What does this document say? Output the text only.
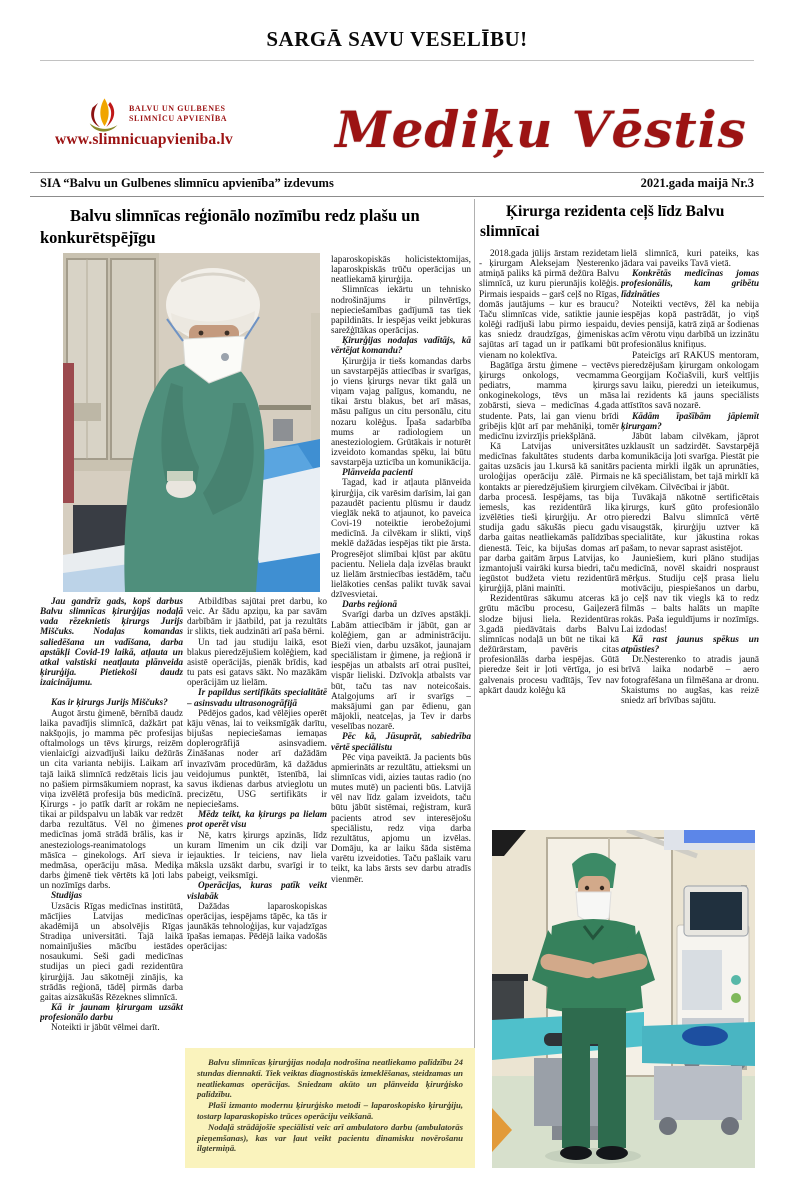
SARGĀ SAVU VESELĪBU!
BALVU UN GULBENES
SLIMNĪCU APVIENĪBA
www.slimnicuapvieniba.lv	Mediķu Vēstis
SIA “Balvu un Gulbenes slimnīcu apvienība” izdevums	2021.gada maijā Nr.3
Balvu slimnīcas reģionālo nozīmību redz plašu un konkurētspējīgu

Jau gandrīz gads, kopš darbus Balvu slimnīcas ķirurģijas nodaļā vada rēzeknietis ķirurgs Jurijs Miščuks. Nodaļas komandas saliedēšana un vadīšana, darba apstākļi Covid-19 laikā, atļauta un atkal valstiski neatļauta plānveida ķirurģija. Pietiekoši daudz izaicinājumu.

Kas ir ķirurgs Jurijs Miščuks?

Augot ārstu ģimenē, bērnībā daudz laika pavadījis slimnīcā, dažkārt pat nakšņojis, jo mamma pēc profesijas oftalmologs un tēvs ķirurgs, reizēm vienlaicīgi aizvadījuši laiku dežūrās un cita varianta nebijis. Laikam arī tajā laikā slimnīcā redzētais licis jau no pašiem pirmsākumiem noprast, ka viņa izvēlētā profesija būs medicīnā. Ķirurgs - jo patīk darīt ar rokām ne tikai ar pildspalvu un labāk var redzēt darba rezultātus. Vēl no ģimenes medicīnas jomā strādā brālis, kas ir anesteziologs-reanimatologs un māsīca – ginekologs. Arī sieva ir medmāsa, operāciju māsa. Mediķa darbs ģimenē tiek vērtēts kā ļoti labs un nozīmīgs darbs.

Studijas

Uzsācis Rīgas medicīnas institūtā, mācījies Latvijas medicīnas akadēmijā un absolvējis Rīgas Stradiņa universitāti. Tajā laikā nomainījušies mācību iestādes nosaukumi. Seši gadi medicīnas studijas un pieci gadi rezidentūra ķirurģijā. Jau sākotnēji zinājis, ka strādās reģionā, tādēļ pirmās darba gaitas aizsākušās Rēzeknes slimnīcā.

Kā ir jaunam ķirurgam uzsākt profesionālo darbu

Noteikti ir jābūt vēlmei darīt.

Atbildības sajūtai pret darbu, ko veic. Ar šādu apziņu, ka par savām darbībām ir jāatbild, pat ja rezultāts ir slikts, tiek audzināti arī paša bērni.

Un tad jau studiju laikā, esot blakus pieredzējušiem kolēģiem, kad asistē operācijās, pienāk brīdis, kad tu pats esi gatavs sākt. No mazākām operācijām uz lielām.

Ir papildus sertifikāts specialitātē – asinsvadu ultrasonogrāfijā

Pēdējos gados, kad vēlējies operēt kāju vēnas, lai to veiksmīgāk darītu, bijušas nepieciešamas iemaņas doplerogrāfijā asinsvadiem. Zināšanas noder arī dažādām invazīvām procedūrām, kā dažādus veidojumus punktēt, īstenībā, lai savus ikdienas darbus atvieglotu un precizētu, USG sertifikāts ir nepieciešams.

Mēdz teikt, ka ķirurgs pa lielam prot operēt visu

Nē, katrs ķirurgs apzinās, līdz kuram līmenim un cik dziļi var iejaukties. Ir teiciens, nav liela māksla uzsākt darbu, svarīgi ir to pabeigt, veiksmīgi.

Operācijas, kuras patīk veikt vislabāk

Dažādas laparoskopiskas operācijas, iespējams tāpēc, ka tās ir jaunākās tehnoloģijas, kur vajadzīgas īpašas iemaņas. Pēdējā laika vadošās operācijas:

laparoskopiskās holicistektomijas, laparoskpiskās trūču operācijas un neatliekamā ķirurģija.

Slimnīcas iekārtu un tehnisko nodrošinājums ir pilnvērtīgs, nepieciešamības gadījumā tas tiek papildināts. Ir iespējas veikt jebkuras sarežģītākas operācijas.

Ķirurģijas nodaļas vadītājs, kā vērtējat komandu?

Ķirurģija ir tiešs komandas darbs un savstarpējās attiecības ir svarīgas, jo viens ķirurgs nevar tikt galā un viņam vajag palīgus, komandu, ne tikai ārstu blakus, bet arī māsas, māsu palīgus un citu personālu, citu nozaru kolēģus. Īpaša sadarbība mums ar radiologiem un anesteziologiem. Grūtākais ir noturēt izveidoto komandas spēku, lai būtu savstarpēja uzticība un komunikācija.

Plānveida pacienti

Tagad, kad ir atļauta plānveida ķirurģija, cik varēsim darīsim, lai gan pazaudēt pacientu plūsmu ir daudz vieglāk nekā to atjaunot, ko paveica Covi-19 noteiktie ierobežojumi medicīnā. Ja cilvēkam ir slikti, viņš meklē dažādas iespējas tikt pie ārsta. Progresējot slimībai kļūst par akūtu pacientu. Neliela daļa izvēlas braukt uz lielām ārstniecības iestādēm, taču lielākoties cenšas palikt tuvāk savai dzīvesvietai.

Darbs reģionā

Svarīgi darba un dzīves apstākļi. Labām attiecībām ir jābūt, gan ar kolēģiem, gan ar administrāciju. Bieži vien, darbu uzsākot, jaunajam speciālistam ir ģimene, ja reģionā ir iespējas un atbalsts arī otrai pusītei, vispār lieliski. Dzīvokļa atbalsts var būt, taču tas nav noteicošais. Atalgojums arī ir svarīgs – maksājumi gan par ēdienu, gan mājokli, neatceļas, ja Tev ir darbs veselības nozarē.

Pēc kā, Jūsuprāt, sabiedrība vērtē speciālistu

Pēc viņa paveiktā. Ja pacients būs apmierināts ar rezultātu, attieksmi un slimnīcas vidi, aizies tautas radio (no mutes mutē) un pacienti būs. Latvijā vēl nav līdz galam izveidots, taču būtu jābūt sistēmai, reģistram, kurā pacients atrod sev interesējošu speciālistu, redz viņa darba rezultātus, apjomu un izvēlas. Domāju, ka ar laiku šāda sistēma varētu izveidoties. Taču pašlaik varu teikt, ka labs ārsts sev darbu atradīs vienmēr.

Balvu slimnīcas ķirurģijas nodaļa nodrošina neatliekamo palīdzību 24 stundas diennaktī. Tiek veiktas diagnostiskās izmeklēšanas, steidzamas un neatliekamas operācijas. Sniedzam akūto un plānveida ķirurģisko palīdzību.

Plaši izmanto modernu ķirurģisko metodi – laparoskopisko ķirurģiju, tostarp laparaskopisko trūces operāciju veikšanā.

Nodaļā strādājošie speciālisti veic arī ambulatoro darbu (ambulatorās pieņemšanas), kas var ļaut veikt pacientu dinamisku novērošanu ilgtermiņā.

Ķirurga rezidenta ceļš līdz Balvu slimnīcai

2018.gada jūlijs ārstam rezidetam - ķirurgam Aleksejam Ņesterenko atmiņā paliks kā pirmā dežūra Balvu slimnīcā, uz kuru pierunājis kolēģis. Pirmais iespaids – garš ceļš no Rīgas, domās jautājums – kur es braucu? Taču slimnīcas vide, satiktie jaunie kolēģi radījuši labu pirmo iespaidu, kas sniedz draudzīgas, ģimeniskas sajūtas arī tagad un ir patīkami būt vienam no kolektīva.

Bagātīga ārstu ģimene – vectēvs ķirurgs onkologs, vecmamma pediatrs, mamma ķirurgs onkoginekologs, tēvs un māsa zobārsti, sieva – medicīnas 4.gada studente. Pats, lai gan vienu brīdi gribējis kļūt arī par mehāniķi, tomēr medicīnu izvirzījis priekšplānā.

Kā Latvijas universitātes medicīnas fakultātes students darba gaitas uzsācis jau 1.kursā kā sanitārs uroloģijas operāciju zālē. Pirmais kontakts ar pieredzējušiem ķirurgiem darba procesā. Iespējams, tas bija iemesls, kas rezidentūrā lika izvēlēties tieši ķirurģiju. Ar otro studija gadu sākušās piecu gadu darba gaitas neatliekamās palīdzības dienestā. Teic, ka bijušas domas arī par darba gaitām ārpus Latvijas, ko izmantojuši vairāki kursa biedri, taču iegūstot budžeta vietu rezidentūrā ķirurģijā, plāni mainīti.

Rezidentūras sākumu atceras kā grūtu mācību procesu, Gaiļezerā slodze bijusi liela. Rezidentūras 3.gadā piedāvātais darbs Balvu slimnīcas nodaļā un būt ne tikai kā dežūrārstam, pavēris citas profesionālās darba iespējas. Gūtā pieredze šeit ir ļoti vērtīga, jo esi galvenais procesu vadītājs, Tev nav apkārt daudz kolēģu kā

lielā slimnīcā, kuri pateiks, kas jādara vai paveiks Tavā vietā.

Konkrētās medicīnas jomas profesionālis, kam gribētu līdzināties

Noteikti vectēvs, žēl ka nebija iespējas kopā pastrādāt, jo viņš devies pensijā, katrā ziņā ar šodienas acīm vērotu viņu darbībā un izzinātu profesionālus knifiņus.

Pateicīgs arī RAKUS mentoram, pieredzējušam ķirurgam onkologam Georgijam Kočiašvili, kurš veltījis savu laiku, pieredzi un ieteikumus, lai rezidents kā jauns speciālists attīstītos savā nozarē.

Kādām īpašībām jāpiemīt ķirurgam?

Jābūt labam cilvēkam, jāprot uzklausīt un sadzirdēt. Savstarpējā komunikācija ļoti svarīga. Piestāt pie pacienta mirkli ilgāk un aprunāties, ne kā speciālistam, bet tajā mirklī kā cilvēkam. Cilvēcībai ir jābūt.

Tuvākajā nākotnē sertificētais ķirurgs, kurš gūto profesionālo pieredzi Balvu slimnīcā vērtē visaugstāk, ķirurģiju uztver kā specialitāte, kur jākustina rokas pašam, to nevar saprast asistējot.

Jauniešiem, kuri plāno studijas medicīnā, novēl skaidri nospraust mērķus. Studiju ceļš prasa lielu motivāciju, piespiešanos un darbu, jo ceļš nav tik viegls kā to redz filmās – balts halāts un mapīte rokās. Paša ieguldījums ir nozīmīgs. Lai izdodas!

Kā rast jaunus spēkus un atpūsties?

Dr.Ņesterenko to atradis jaunā brīvā laika nodarbē – aero fotografēšana un filmēšana ar dronu. Skaistums no augšas, kas reizē sniedz arī brīvības sajūtu.
